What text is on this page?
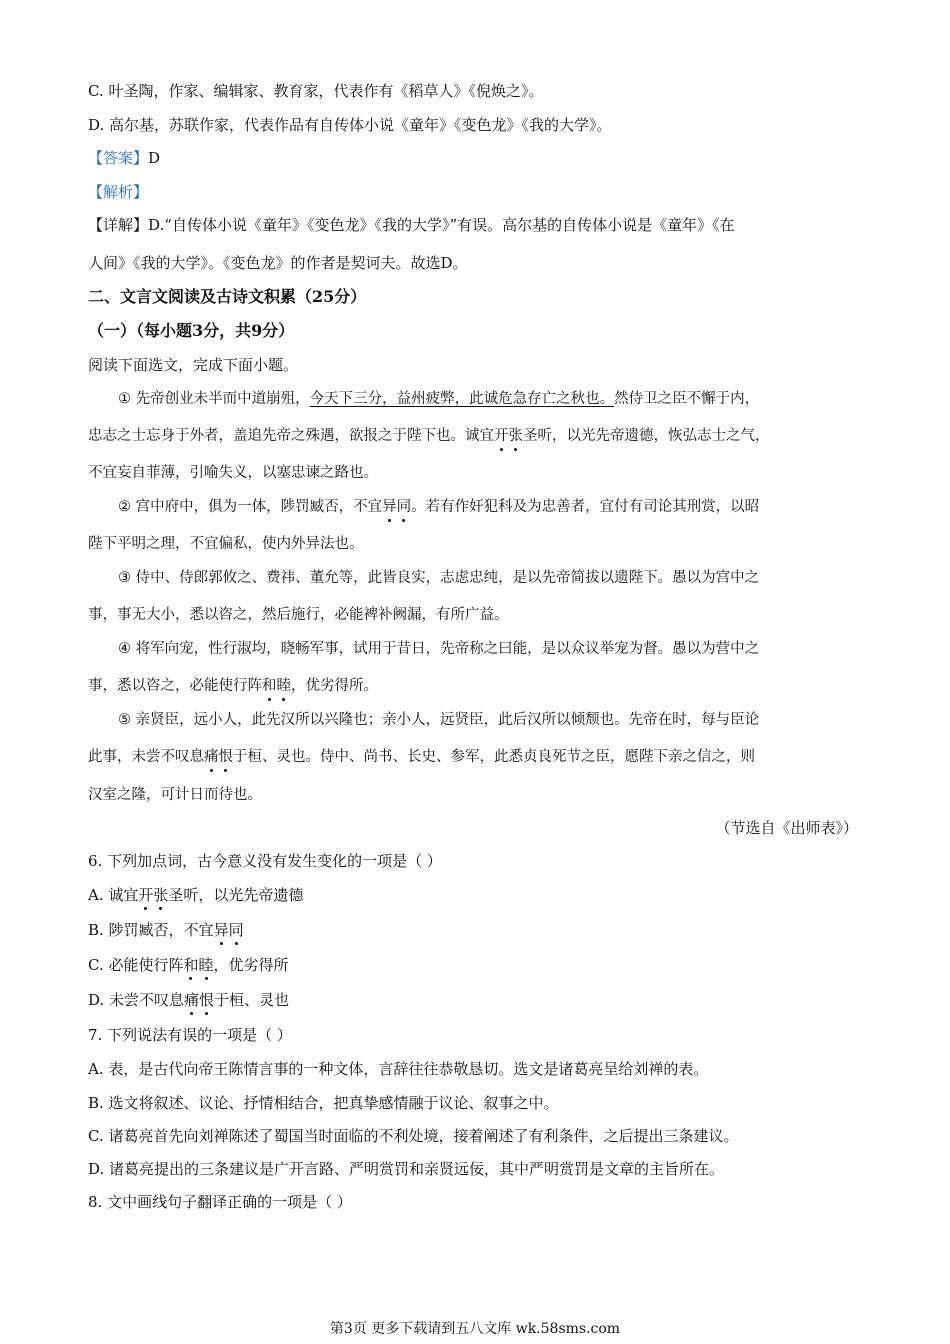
C. 叶圣陶，作家、编辑家、教育家，代表作有《稻草人》《倪焕之》。
D. 高尔基，苏联作家，代表作品有自传体小说《童年》《变色龙》《我的大学》。
【答案】D
【解析】
【详解】D.“自传体小说《童年》《变色龙》《我的大学》”有误。高尔基的自传体小说是《童年》《在
人间》《我的大学》。《变色龙》的作者是契诃夫。故选D。
二、文言文阅读及古诗文积累（25分）
（一）（每小题3分，共9分）
阅读下面选文，完成下面小题。
① 先帝创业未半而中道崩殂，今天下三分，益州疲弊，此诚危急存亡之秋也。然侍卫之臣不懈于内，
忠志之士忘身于外者，盖追先帝之殊遇，欲报之于陛下也。诚宜开张圣听，以光先帝遗德，恢弘志士之气，
不宜妄自菲薄，引喻失义，以塞忠谏之路也。
② 宫中府中，俱为一体，陟罚臧否，不宜异同。若有作奸犯科及为忠善者，宜付有司论其刑赏，以昭
陛下平明之理，不宜偏私，使内外异法也。
③ 侍中、侍郎郭攸之、费祎、董允等，此皆良实，志虑忠纯，是以先帝简拔以遗陛下。愚以为宫中之
事，事无大小，悉以咨之，然后施行，必能裨补阙漏，有所广益。
④ 将军向宠，性行淑均，晓畅军事，试用于昔日，先帝称之曰能，是以众议举宠为督。愚以为营中之
事，悉以咨之，必能使行阵和睦，优劣得所。
⑤ 亲贤臣，远小人，此先汉所以兴隆也；亲小人，远贤臣，此后汉所以倾颓也。先帝在时，每与臣论
此事，未尝不叹息痛恨于桓、灵也。侍中、尚书、长史、参军，此悉贞良死节之臣，愿陛下亲之信之，则
汉室之隆，可计日而待也。
（节选自《出师表》）
6. 下列加点词，古今意义没有发生变化的一项是（ ）
A. 诚宜开张圣听，以光先帝遗德
B. 陟罚臧否，不宜异同
C. 必能使行阵和睦，优劣得所
D. 未尝不叹息痛恨于桓、灵也
7. 下列说法有误的一项是（ ）
A. 表，是古代向帝王陈情言事的一种文体，言辞往往恭敬恳切。选文是诸葛亮呈给刘禅的表。
B. 选文将叙述、议论、抒情相结合，把真挚感情融于议论、叙事之中。
C. 诸葛亮首先向刘禅陈述了蜀国当时面临的不利处境，接着阐述了有利条件，之后提出三条建议。
D. 诸葛亮提出的三条建议是广开言路、严明赏罚和亲贤远佞，其中严明赏罚是文章的主旨所在。
8. 文中画线句子翻译正确的一项是（ ）
第3页 更多下载请到五八文库 wk.58sms.com
